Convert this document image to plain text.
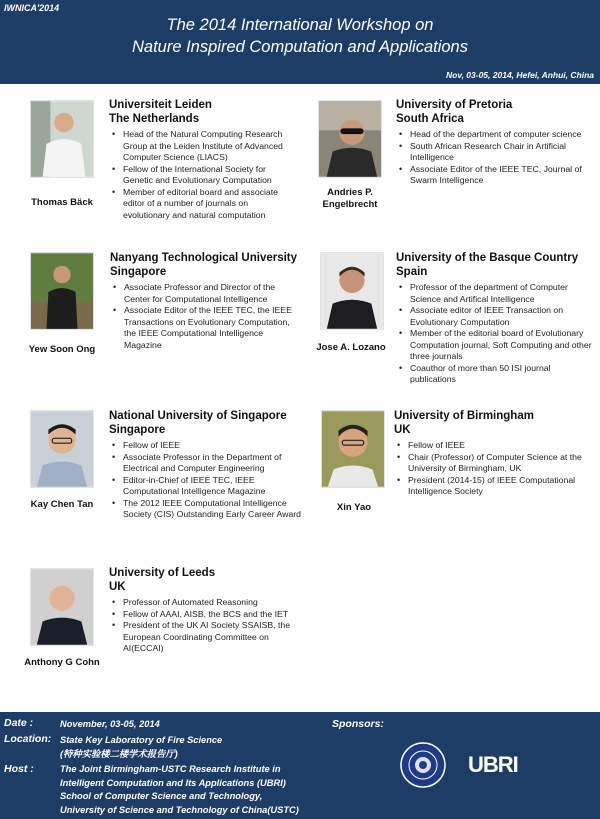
IWNICA'2014
The 2014 International Workshop on
Nature Inspired Computation and Applications
Nov, 03-05, 2014, Hefei, Anhui, China
Thomas Bäck
Universiteit Leiden
The Netherlands
• Head of the Natural Computing Research Group at the Leiden Institute of Advanced Computer Science (LIACS)
• Fellow of the International Society for Genetic and Evolutionary Computation
• Member of editorial board and associate editor of a number of journals on evolutionary and natural computation
Andries P. Engelbrecht
University of Pretoria
South Africa
• Head of the department of computer science
• South African Research Chair in Artificial Intelligence
• Associate Editor of the IEEE TEC, Journal of Swarm Intelligence
Yew Soon Ong
Nanyang Technological University
Singapore
• Associate Professor and Director of the Center for Computational Intelligence
• Associate Editor of the IEEE TEC, the IEEE Transactions on Evolutionary Computation, the IEEE Computational Intelligence Magazine	Jose A. Lozano
University of the Basque Country
Spain
• Professor of the department of Computer Science and Artifical Intelligence
• Associate editor of IEEE Transaction on Evolutionary Computation
• Member of the editorial board of Evolutionary Computation journal, Soft Computing and other three journals
• Coauthor of more than 50 ISI journal publications
Kay Chen Tan
National University of Singapore
Singapore
• Fellow of IEEE
• Associate Professor in the Department of Electrical and Computer Engineering
• Editor-in-Chief of IEEE TEC, IEEE Computational Intelligence Magazine
• The 2012 IEEE Computational Intelligence Society (CIS) Outstanding Early Career Award
Xin Yao
University of Birmingham
UK
• Fellow of IEEE
• Chair (Professor) of Computer Science at the University of Birmingham, UK
• President (2014-15) of IEEE Computational Intelligence Society
Anthony G Cohn
University of Leeds
UK
• Professor of Automated Reasoning
• Fellow of AAAI, AISB, the BCS and the IET
• President of the UK AI Society SSAISB, the European Coordinating Committee on AI(ECCAI)
Date :	November, 03-05, 2014
Location: State Key Laboratory of Fire Science
(特种实验楼二楼学术报告厅)
Host :	The Joint Birmingham-USTC Research Institute in
Intelligent Computation and Its Applications (UBRI)
School of Computer Science and Technology,
University of Science and Technology of China(USTC)
Sponsors:
UBRI
